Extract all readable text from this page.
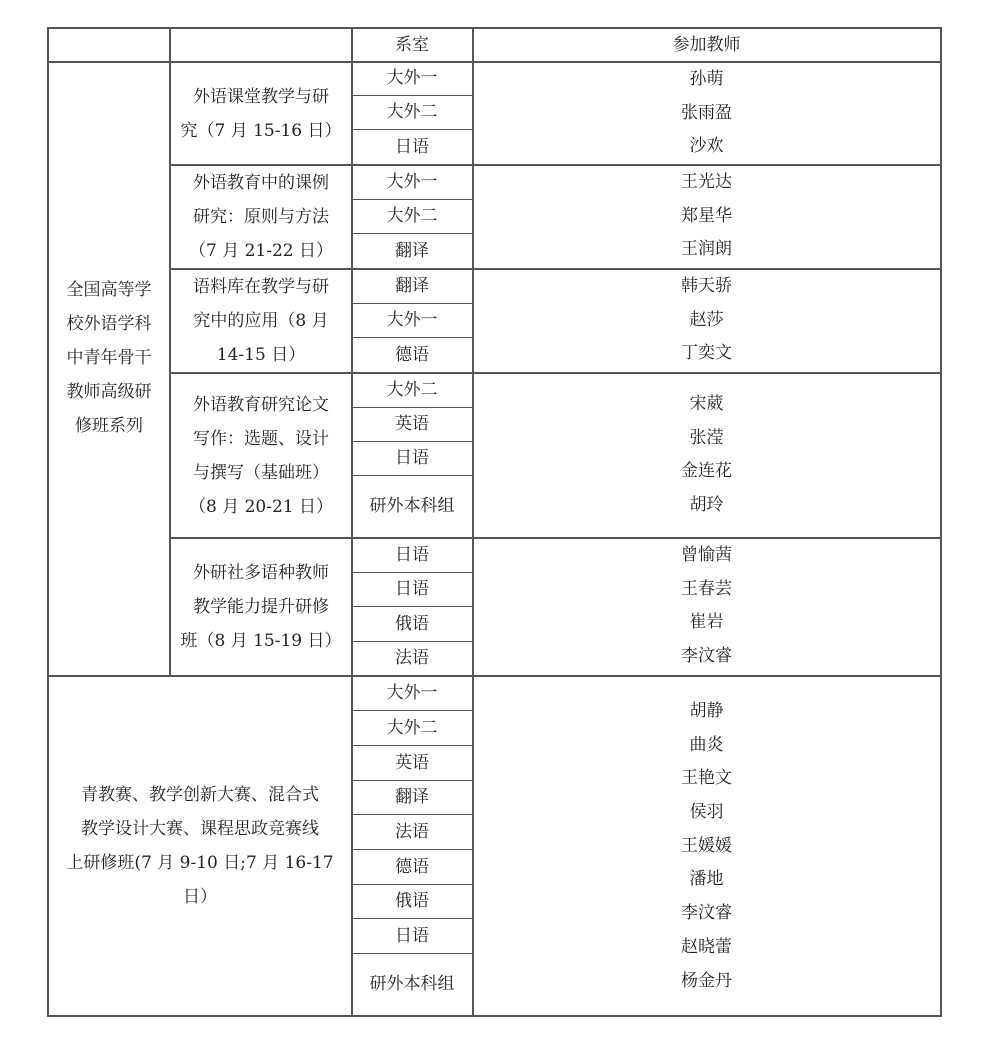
系室	参加教师
全国高等学
校外语学科
中青年骨干
教师高级研
修班系列
外语课堂教学与研
究（7 月 15-16 日）
大外一
大外二
日语
孙萌
张雨盈
沙欢
外语教育中的课例
研究：原则与方法
（7 月 21-22 日）
大外一
大外二
翻译
王光达
郑星华
王润朗
语料库在教学与研
究中的应用（8 月
14-15 日）
翻译
大外一
德语
韩天骄
赵莎
丁奕文
外语教育研究论文
写作：选题、设计
与撰写（基础班）
（8 月 20-21 日）
大外二
英语
日语
研外本科组
宋葳
张滢
金连花
胡玲
外研社多语种教师
教学能力提升研修
班（8 月 15-19 日）
日语
日语
俄语
法语
曾愉茜
王春芸
崔岩
李汶睿
青教赛、教学创新大赛、混合式
教学设计大赛、课程思政竞赛线
上研修班(7 月 9-10 日;7 月 16-17
日）
大外一
大外二
英语
翻译
法语
德语
俄语
日语
研外本科组
胡静
曲炎
王艳文
侯羽
王媛媛
潘地
李汶睿
赵晓蕾
杨金丹
